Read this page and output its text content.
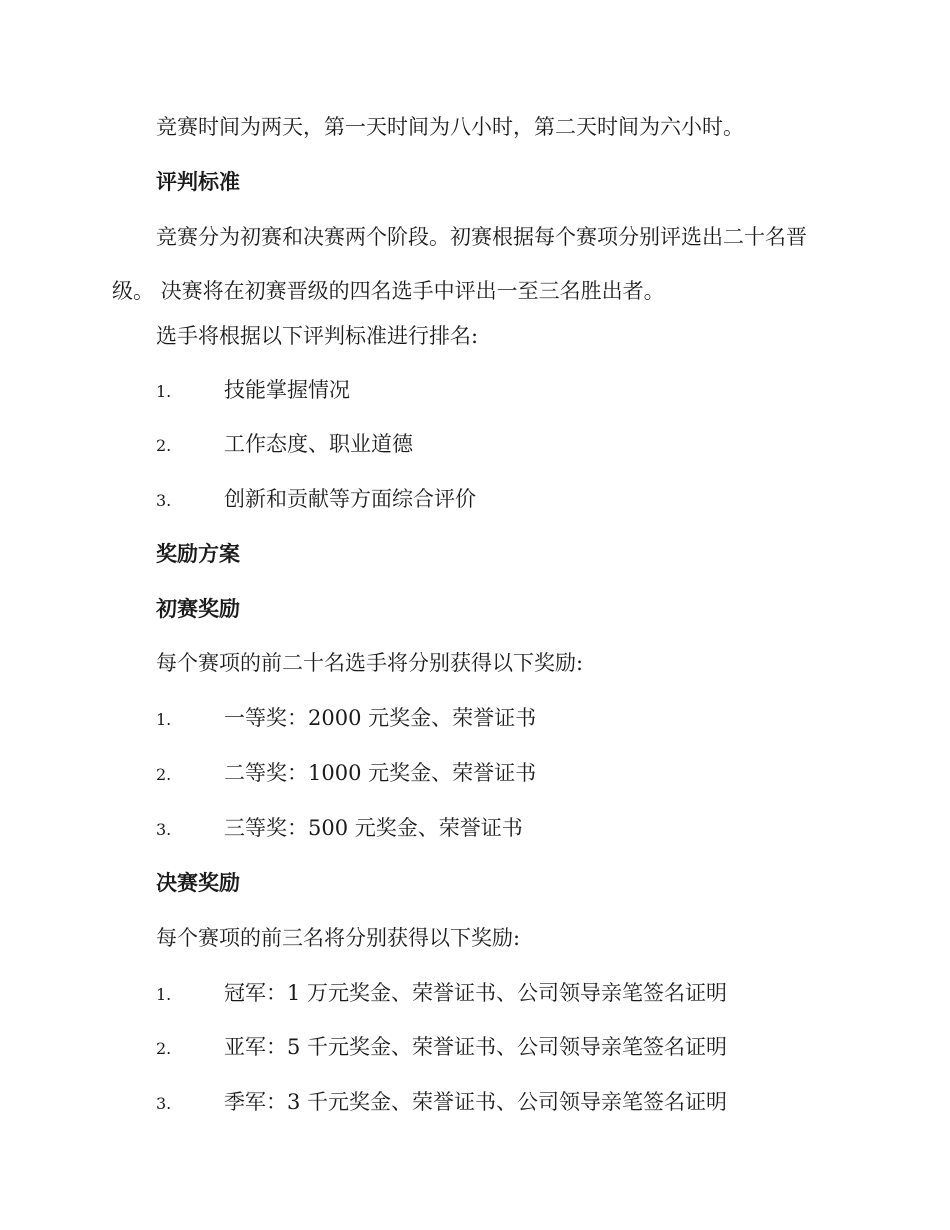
竞赛时间为两天，第一天时间为八小时，第二天时间为六小时。
评判标准
竞赛分为初赛和决赛两个阶段。初赛根据每个赛项分别评选出二十名晋
级。 决赛将在初赛晋级的四名选手中评出一至三名胜出者。
选手将根据以下评判标准进行排名:
1.	技能掌握情况
2.	工作态度、职业道德
3.	创新和贡献等方面综合评价
奖励方案
初赛奖励
每个赛项的前二十名选手将分别获得以下奖励:
1.	一等奖：2000 元奖金、荣誉证书
2.	二等奖：1000 元奖金、荣誉证书
3.	三等奖：500 元奖金、荣誉证书
决赛奖励
每个赛项的前三名将分别获得以下奖励:
1.	冠军：1 万元奖金、荣誉证书、公司领导亲笔签名证明
2.	亚军：5 千元奖金、荣誉证书、公司领导亲笔签名证明
3.	季军：3 千元奖金、荣誉证书、公司领导亲笔签名证明
